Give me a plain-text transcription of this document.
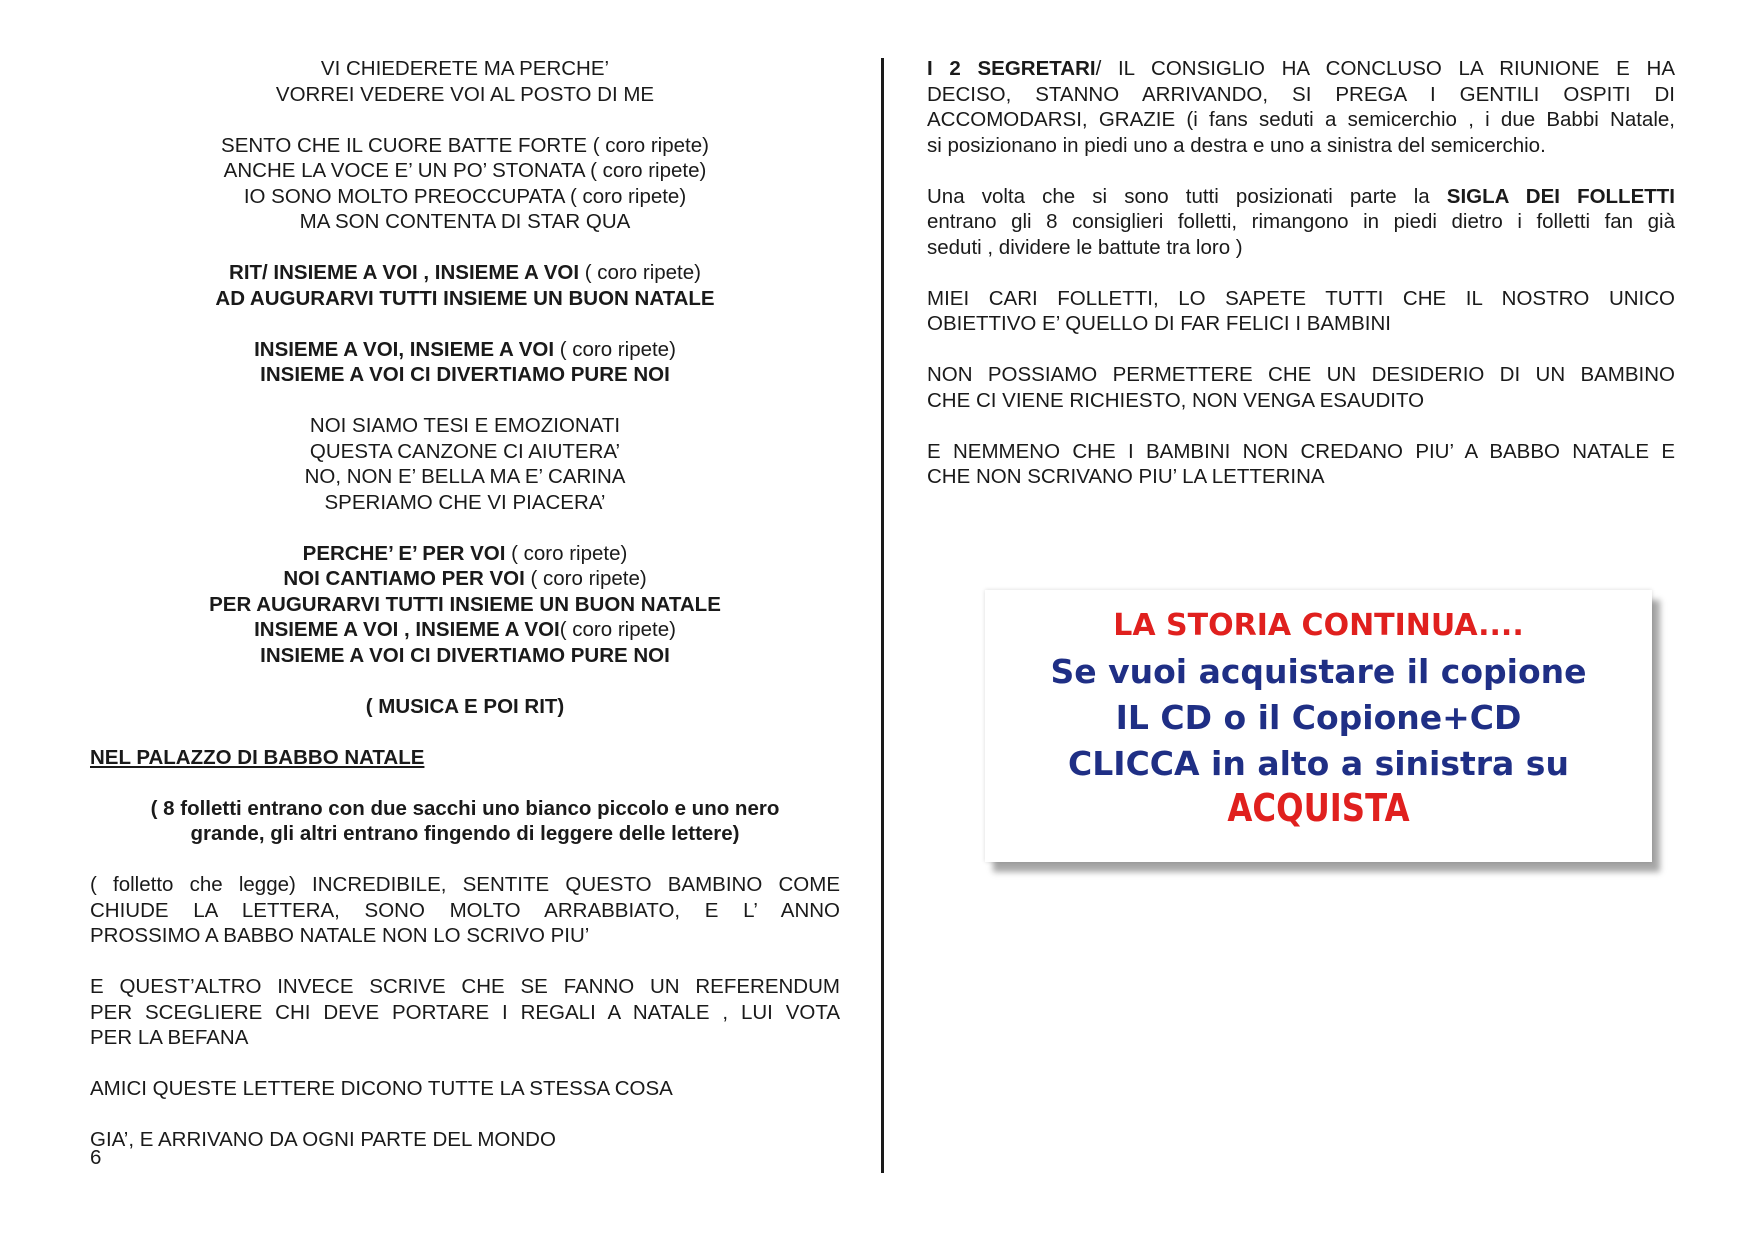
VI CHIEDERETE MA PERCHE’
VORREI VEDERE VOI AL POSTO DI ME
SENTO CHE IL CUORE BATTE FORTE ( coro ripete)
ANCHE LA VOCE E’ UN PO’ STONATA ( coro ripete)
IO SONO MOLTO PREOCCUPATA ( coro ripete)
MA SON CONTENTA DI STAR QUA
RIT/ INSIEME A VOI , INSIEME A VOI ( coro ripete)
AD AUGURARVI TUTTI INSIEME UN BUON NATALE
INSIEME A VOI, INSIEME A VOI ( coro ripete)
INSIEME A VOI CI DIVERTIAMO PURE NOI
NOI SIAMO TESI E EMOZIONATI
QUESTA CANZONE CI AIUTERA’
NO, NON E’ BELLA MA E’ CARINA
SPERIAMO CHE VI PIACERA’
PERCHE’ E’ PER VOI ( coro ripete)
NOI CANTIAMO PER VOI ( coro ripete)
PER AUGURARVI TUTTI INSIEME UN BUON NATALE
INSIEME A VOI , INSIEME A VOI( coro ripete)
INSIEME A VOI CI DIVERTIAMO PURE NOI
( MUSICA E POI RIT)
NEL PALAZZO DI BABBO NATALE
( 8 folletti entrano con due sacchi uno bianco piccolo e uno nero
grande, gli altri entrano fingendo di leggere delle lettere)
( folletto che legge) INCREDIBILE, SENTITE QUESTO BAMBINO COME
CHIUDE LA LETTERA, SONO MOLTO ARRABBIATO, E L’ ANNO
PROSSIMO A BABBO NATALE NON LO SCRIVO PIU’
E QUEST’ALTRO INVECE SCRIVE CHE SE FANNO UN REFERENDUM
PER SCEGLIERE CHI DEVE PORTARE I REGALI A NATALE , LUI VOTA
PER LA BEFANA
AMICI QUESTE LETTERE DICONO TUTTE LA STESSA COSA
GIA’, E ARRIVANO DA OGNI PARTE DEL MONDO
6
I 2 SEGRETARI/ IL CONSIGLIO HA CONCLUSO LA RIUNIONE E HA
DECISO, STANNO ARRIVANDO, SI PREGA I GENTILI OSPITI DI
ACCOMODARSI, GRAZIE (i fans seduti a semicerchio , i due Babbi Natale,
si posizionano in piedi uno a destra e uno a sinistra del semicerchio.
Una volta che si sono tutti posizionati parte la SIGLA DEI FOLLETTI
entrano gli 8 consiglieri folletti, rimangono in piedi dietro i folletti fan già
seduti , dividere le battute tra loro )
MIEI CARI FOLLETTI, LO SAPETE TUTTI CHE IL NOSTRO UNICO
OBIETTIVO E’ QUELLO DI FAR FELICI I BAMBINI
NON POSSIAMO PERMETTERE CHE UN DESIDERIO DI UN BAMBINO
CHE CI VIENE RICHIESTO, NON VENGA ESAUDITO
E NEMMENO CHE I BAMBINI NON CREDANO PIU’ A BABBO NATALE E
CHE NON SCRIVANO PIU’ LA LETTERINA
LA STORIA CONTINUA....
Se vuoi acquistare il copione
IL CD o il Copione+CD
CLICCA in alto a sinistra su
ACQUISTA
